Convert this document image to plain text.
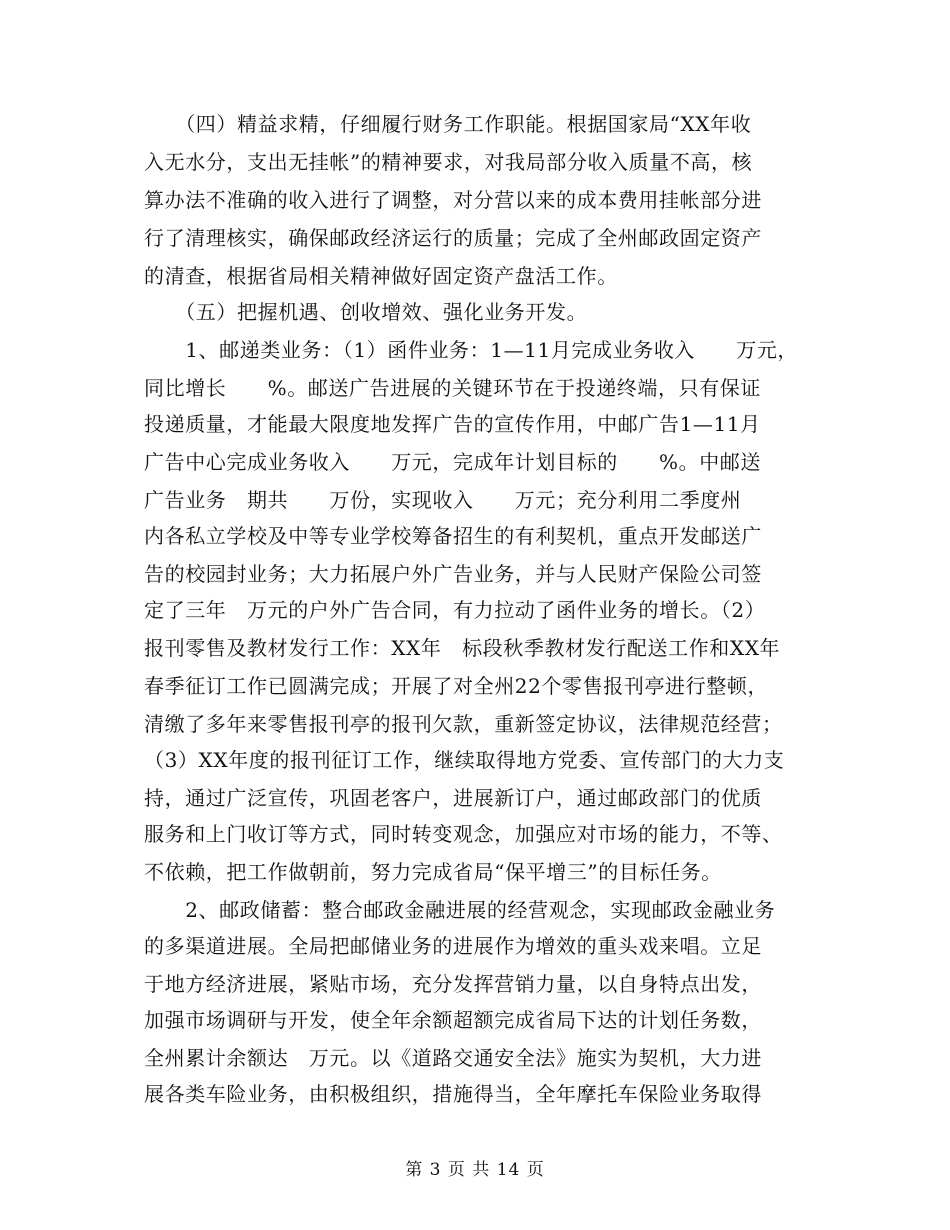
　　（四）精益求精，仔细履行财务工作职能。根据国家局“XX年收
入无水分，支出无挂帐”的精神要求，对我局部分收入质量不高，核
算办法不准确的收入进行了调整，对分营以来的成本费用挂帐部分进
行了清理核实，确保邮政经济运行的质量；完成了全州邮政固定资产
的清查，根据省局相关精神做好固定资产盘活工作。
　　（五）把握机遇、创收增效、强化业务开发。
　　1、邮递类业务：（1）函件业务：1—11月完成业务收入　　万元，
同比增长　　%。邮送广告进展的关键环节在于投递终端，只有保证
投递质量，才能最大限度地发挥广告的宣传作用，中邮广告1—11月
广告中心完成业务收入　　万元，完成年计划目标的　　%。中邮送
广告业务　期共　　万份，实现收入　　万元；充分利用二季度州
内各私立学校及中等专业学校筹备招生的有利契机，重点开发邮送广
告的校园封业务；大力拓展户外广告业务，并与人民财产保险公司签
定了三年　万元的户外广告合同，有力拉动了函件业务的增长。（2）
报刊零售及教材发行工作：XX年　标段秋季教材发行配送工作和XX年
春季征订工作已圆满完成；开展了对全州22个零售报刊亭进行整顿，
清缴了多年来零售报刊亭的报刊欠款，重新签定协议，法律规范经营；
（3）XX年度的报刊征订工作，继续取得地方党委、宣传部门的大力支
持，通过广泛宣传，巩固老客户，进展新订户，通过邮政部门的优质
服务和上门收订等方式，同时转变观念，加强应对市场的能力，不等、
不依赖，把工作做朝前，努力完成省局“保平增三”的目标任务。
　　2、邮政储蓄：整合邮政金融进展的经营观念，实现邮政金融业务
的多渠道进展。全局把邮储业务的进展作为增效的重头戏来唱。立足
于地方经济进展，紧贴市场，充分发挥营销力量，以自身特点出发，
加强市场调研与开发，使全年余额超额完成省局下达的计划任务数，
全州累计余额达　万元。以《道路交通安全法》施实为契机，大力进
展各类车险业务，由积极组织，措施得当，全年摩托车保险业务取得
第 3 页 共 14 页
